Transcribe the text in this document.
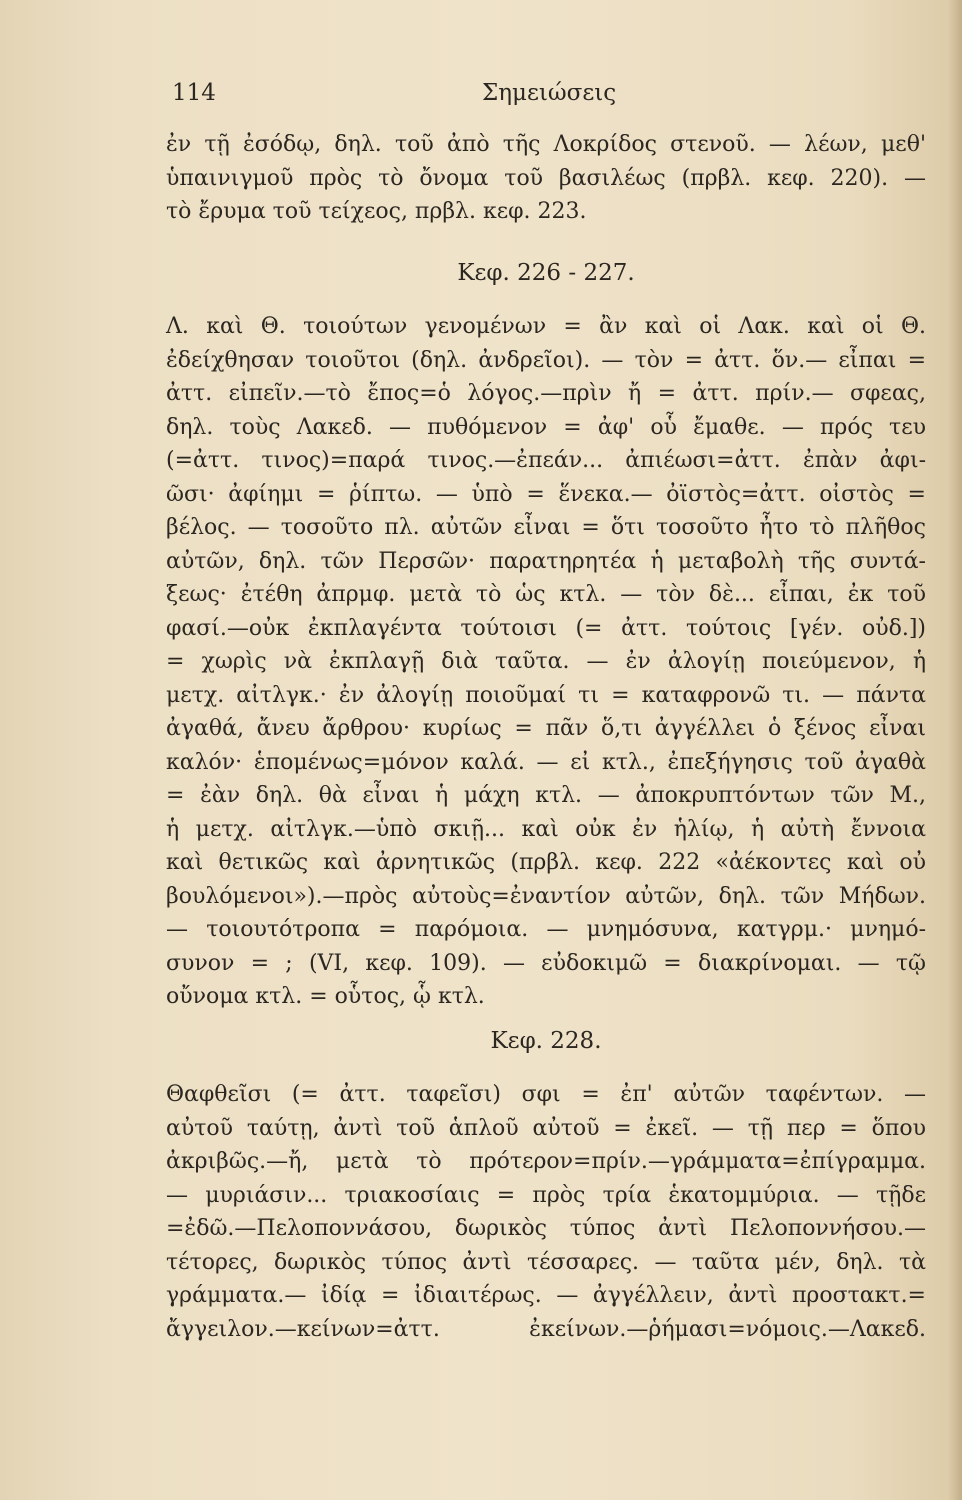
114	Σημειώσεις
ἐν τῇ ἐσόδῳ, δηλ. τοῦ ἀπὸ τῆς Λοκρίδος στενοῦ. — λέων, μεθ' ὑπαινιγμοῦ πρὸς τὸ ὄνομα τοῦ βασιλέως (πρβλ. κεφ. 220). —
τὸ ἔρυμα τοῦ τείχεος, πρβλ. κεφ. 223.
Κεφ. 226 - 227.
Λ. καὶ Θ. τοιούτων γενομένων = ἂν καὶ οἱ Λακ. καὶ οἱ Θ.
ἐδείχθησαν τοιοῦτοι (δηλ. ἀνδρεῖοι). — τὸν = ἀττ. ὅν.— εἶπαι =
ἀττ. εἰπεῖν.—τὸ ἔπος=ὁ λόγος.—πρὶν ἤ = ἀττ. πρίν.— σφεας,
δηλ. τοὺς Λακεδ. — πυθόμενον = ἀφ' οὗ ἔμαθε. — πρός τευ
(=ἀττ. τινος)=παρά τινος.—ἐπεάν... ἀπιέωσι=ἀττ. ἐπὰν ἀφι-
ῶσι· ἀφίημι = ῥίπτω. — ὑπὸ = ἕνεκα.— ὀϊστὸς=ἀττ. οἰστὸς =
βέλος. — τοσοῦτο πλ. αὐτῶν εἶναι = ὅτι τοσοῦτο ἦτο τὸ πλῆθος
αὐτῶν, δηλ. τῶν Περσῶν· παρατηρητέα ἡ μεταβολὴ τῆς συντά-
ξεως· ἐτέθη ἀπρμφ. μετὰ τὸ ὡς κτλ. — τὸν δὲ... εἶπαι, ἐκ τοῦ
φασί.—οὐκ ἐκπλαγέντα τούτοισι (= ἀττ. τούτοις [γέν. οὐδ.])
= χωρὶς νὰ ἐκπλαγῇ διὰ ταῦτα. — ἐν ἀλογίῃ ποιεύμενον, ἡ
μετχ. αἰτλγκ.· ἐν ἀλογίῃ ποιοῦμαί τι = καταφρονῶ τι. — πάντα
ἀγαθά, ἄνευ ἄρθρου· κυρίως = πᾶν ὅ,τι ἀγγέλλει ὁ ξένος εἶναι
καλόν· ἑπομένως=μόνον καλά. — εἰ κτλ., ἐπεξήγησις τοῦ ἀγαθὰ
= ἐὰν δηλ. θὰ εἶναι ἡ μάχη κτλ. — ἀποκρυπτόντων τῶν Μ.,
ἡ μετχ. αἰτλγκ.—ὑπὸ σκιῇ... καὶ οὐκ ἐν ἡλίῳ, ἡ αὐτὴ ἔννοια
καὶ θετικῶς καὶ ἀρνητικῶς (πρβλ. κεφ. 222 «ἀέκοντες καὶ οὐ
βουλόμενοι»).—πρὸς αὐτοὺς=ἐναντίον αὐτῶν, δηλ. τῶν Μήδων.
— τοιουτότροπα = παρόμοια. — μνημόσυνα, κατγρμ.· μνημό-
συνον = ; (VI, κεφ. 109). — εὐδοκιμῶ = διακρίνομαι. — τῷ
οὔνομα κτλ. = οὗτος, ᾧ κτλ.
Κεφ. 228.
Θαφθεῖσι (= ἀττ. ταφεῖσι) σφι = ἐπ' αὐτῶν ταφέντων. —
αὐτοῦ ταύτῃ, ἀντὶ τοῦ ἁπλοῦ αὐτοῦ = ἐκεῖ. — τῇ περ = ὅπου
ἀκριβῶς.—ἤ, μετὰ τὸ πρότερον=πρίν.—γράμματα=ἐπίγραμμα.
— μυριάσιν... τριακοσίαις = πρὸς τρία ἑκατομμύρια. — τῇδε
=ἐδῶ.—Πελοποννάσου, δωρικὸς τύπος ἀντὶ Πελοποννήσου.—
τέτορες, δωρικὸς τύπος ἀντὶ τέσσαρες. — ταῦτα μέν, δηλ. τὰ
γράμματα.— ἰδίᾳ = ἰδιαιτέρως. — ἀγγέλλειν, ἀντὶ προστακτ.=
ἄγγειλον.—κείνων=ἀττ. ἐκείνων.—ῥήμασι=νόμοις.—Λακεδ.
